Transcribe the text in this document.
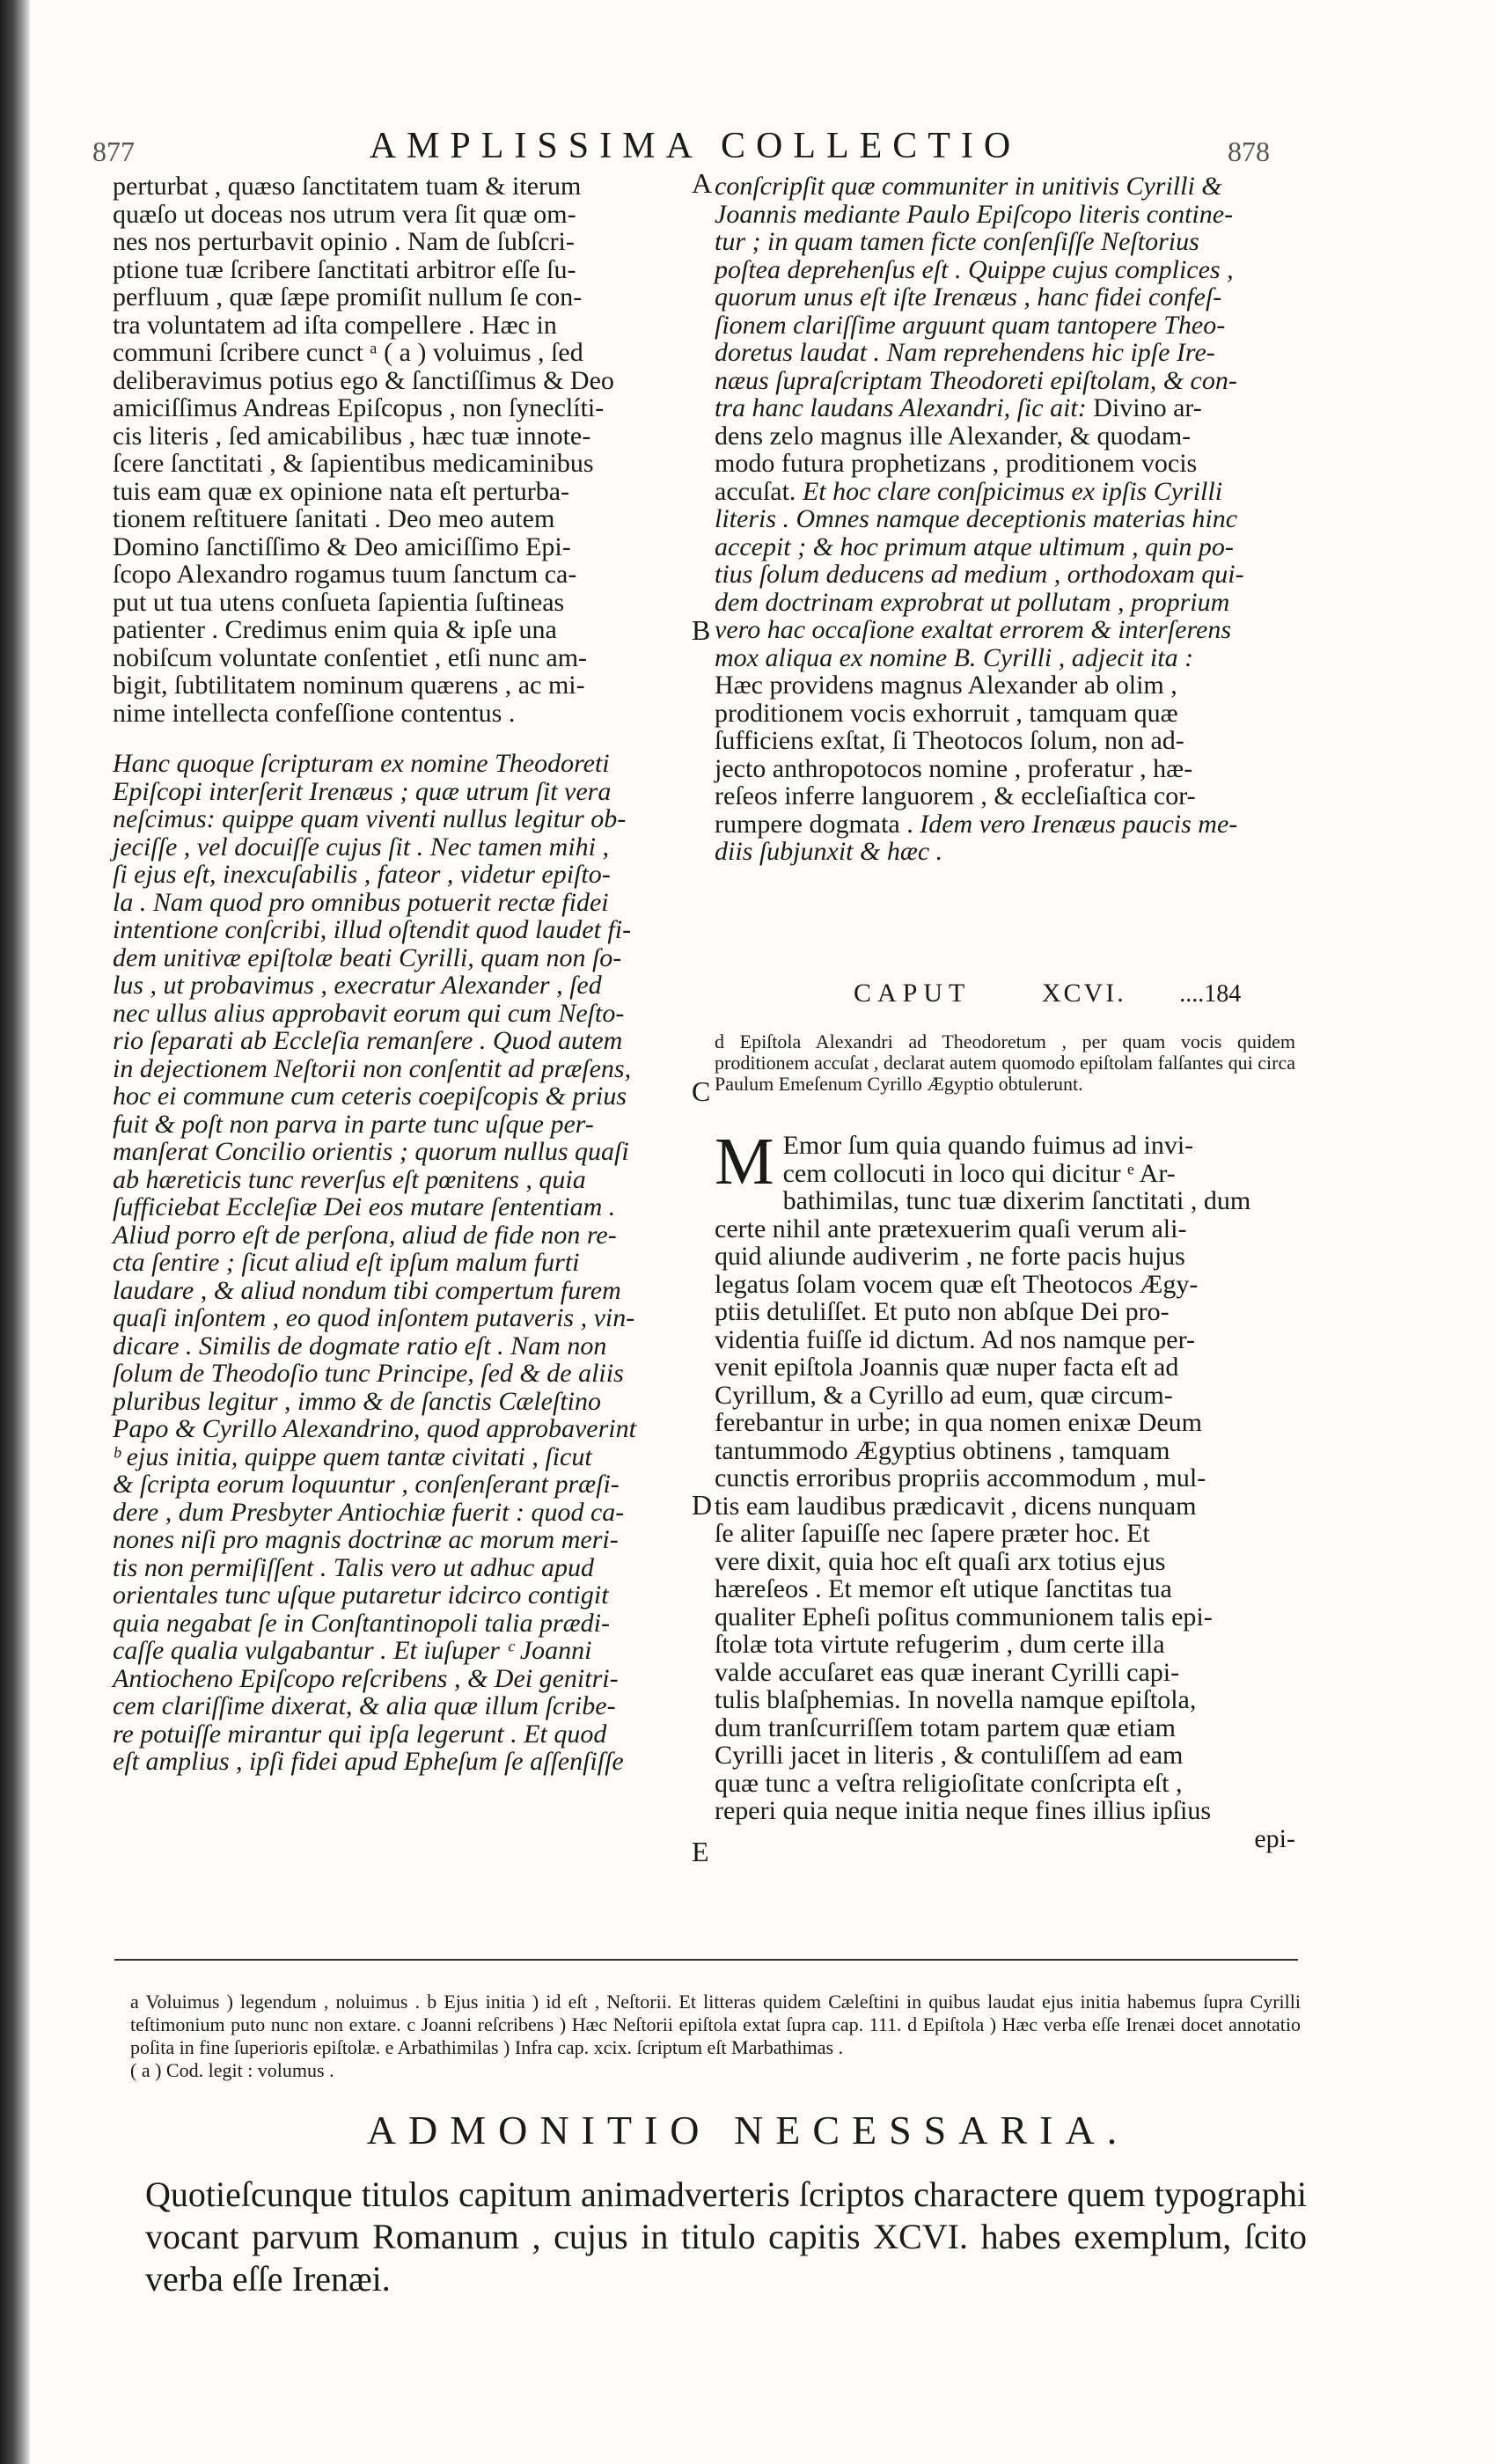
877	AMPLISSIMA COLLECTIO	878
perturbat , quæso ſanctitatem tuam & iterum
quæſo ut doceas nos utrum vera ſit quæ om-
nes nos perturbavit opinio . Nam de ſubſcri-
ptione tuæ ſcribere ſanctitati arbitror eſſe ſu-
perfluum , quæ ſæpe promiſit nullum ſe con-
tra voluntatem ad iſta compellere . Hæc in
communi ſcribere cunct ᵃ ( a ) voluimus , ſed
deliberavimus potius ego & ſanctiſſimus & Deo
amiciſſimus Andreas Epiſcopus , non ſyneclíti-
cis literis , ſed amicabilibus , hæc tuæ innote-
ſcere ſanctitati , & ſapientibus medicaminibus
tuis eam quæ ex opinione nata eſt perturba-
tionem reſtituere ſanitati . Deo meo autem
Domino ſanctiſſimo & Deo amiciſſimo Epi-
ſcopo Alexandro rogamus tuum ſanctum ca-
put ut tua utens conſueta ſapientia ſuſtineas
patienter . Credimus enim quia & ipſe una
nobiſcum voluntate conſentiet , etſi nunc am-
bigit, ſubtilitatem nominum quærens , ac mi-
nime intellecta confeſſione contentus .
Hanc quoque ſcripturam ex nomine Theodoreti
Epiſcopi interſerit Irenæus ; quæ utrum ſit vera
neſcimus: quippe quam viventi nullus legitur ob-
jeciſſe , vel docuiſſe cujus ſit . Nec tamen mihi ,
ſi ejus eſt, inexcuſabilis , fateor , videtur epiſto-
la . Nam quod pro omnibus potuerit rectæ fidei
intentione conſcribi, illud oſtendit quod laudet fi-
dem unitivæ epiſtolæ beati Cyrilli, quam non ſo-
lus , ut probavimus , execratur Alexander , ſed
nec ullus alius approbavit eorum qui cum Neſto-
rio ſeparati ab Eccleſia remanſere . Quod autem
in dejectionem Neſtorii non conſentit ad præſens,
hoc ei commune cum ceteris coepiſcopis & prius
fuit & poſt non parva in parte tunc uſque per-
manſerat Concilio orientis ; quorum nullus quaſi
ab hæreticis tunc reverſus eſt pœnitens , quia
ſufficiebat Eccleſiæ Dei eos mutare ſententiam .
Aliud porro eſt de perſona, aliud de fide non re-
cta ſentire ; ſicut aliud eſt ipſum malum furti
laudare , & aliud nondum tibi compertum furem
quaſi inſontem , eo quod inſontem putaveris , vin-
dicare . Similis de dogmate ratio eſt . Nam non
ſolum de Theodoſio tunc Principe, ſed & de aliis
pluribus legitur , immo & de ſanctis Cæleſtino
Papo & Cyrillo Alexandrino, quod approbaverint
ᵇ ejus initia, quippe quem tantæ civitati , ſicut
& ſcripta eorum loquuntur , conſenſerant præſi-
dere , dum Presbyter Antiochiæ fuerit : quod ca-
nones niſi pro magnis doctrinæ ac morum meri-
tis non permiſiſſent . Talis vero ut adhuc apud
orientales tunc uſque putaretur idcirco contigit
quia negabat ſe in Conſtantinopoli talia prædi-
caſſe qualia vulgabantur . Et iuſuper ᶜ Joanni
Antiocheno Epiſcopo reſcribens , & Dei genitri-
cem clariſſime dixerat, & alia quæ illum ſcribe-
re potuiſſe mirantur qui ipſa legerunt . Et quod
eſt amplius , ipſi fidei apud Epheſum ſe aſſenſiſſe
A
B
C
D
E
conſcripſit quæ communiter in unitivis Cyrilli &
Joannis mediante Paulo Epiſcopo literis contine-
tur ; in quam tamen ficte conſenſiſſe Neſtorius
poſtea deprehenſus eſt . Quippe cujus complices ,
quorum unus eſt iſte Irenæus , hanc fidei confeſ-
ſionem clariſſime arguunt quam tantopere Theo-
doretus laudat . Nam reprehendens hic ipſe Ire-
næus ſupraſcriptam Theodoreti epiſtolam, & con-
tra hanc laudans Alexandri, ſic ait: Divino ar-
dens zelo magnus ille Alexander, & quodam-
modo futura prophetizans , proditionem vocis
accuſat. Et hoc clare conſpicimus ex ipſis Cyrilli
literis . Omnes namque deceptionis materias hinc
accepit ; & hoc primum atque ultimum , quin po-
tius ſolum deducens ad medium , orthodoxam qui-
dem doctrinam exprobrat ut pollutam , proprium
vero hac occaſione exaltat errorem & interſerens
mox aliqua ex nomine B. Cyrilli , adjecit ita :
Hæc providens magnus Alexander ab olim ,
proditionem vocis exhorruit , tamquam quæ
ſufficiens exſtat, ſi Theotocos ſolum, non ad-
jecto anthropotocos nomine , proferatur , hæ-
reſeos inferre languorem , & eccleſiaſtica cor-
rumpere dogmata . Idem vero Irenæus paucis me-
diis ſubjunxit & hæc .
CAPUT	XCVI. ....184
d Epiſtola Alexandri ad Theodoretum , per quam vocis quidem proditionem accuſat , declarat autem quomodo epiſtolam falſantes qui circa Paulum Emeſenum Cyrillo Ægyptio obtulerunt.
M Emor ſum quia quando fuimus ad invi-
cem collocuti in loco qui dicitur ᵉ Ar-
bathimilas, tunc tuæ dixerim ſanctitati , dum
certe nihil ante prætexuerim quaſi verum ali-
quid aliunde audiverim , ne forte pacis hujus
legatus ſolam vocem quæ eſt Theotocos Ægy-
ptiis detuliſſet. Et puto non abſque Dei pro-
videntia fuiſſe id dictum. Ad nos namque per-
venit epiſtola Joannis quæ nuper facta eſt ad
Cyrillum, & a Cyrillo ad eum, quæ circum-
ferebantur in urbe; in qua nomen enixæ Deum
tantummodo Ægyptius obtinens , tamquam
cunctis erroribus propriis accommodum , mul-
tis eam laudibus prædicavit , dicens nunquam
ſe aliter ſapuiſſe nec ſapere præter hoc. Et
vere dixit, quia hoc eſt quaſi arx totius ejus
hæreſeos . Et memor eſt utique ſanctitas tua
qualiter Epheſi poſitus communionem talis epi-
ſtolæ tota virtute refugerim , dum certe illa
valde accuſaret eas quæ inerant Cyrilli capi-
tulis blaſphemias. In novella namque epiſtola,
dum tranſcurriſſem totam partem quæ etiam
Cyrilli jacet in literis , & contuliſſem ad eam
quæ tunc a veſtra religioſitate conſcripta eſt ,
reperi quia neque initia neque fines illius ipſius
epi-

a Voluimus ) legendum , noluimus . b Ejus initia ) id eſt , Neſtorii. Et litteras quidem Cæleſtini in quibus laudat ejus initia habemus ſupra Cyrilli teſtimonium puto nunc non extare. c Joanni reſcribens ) Hæc Neſtorii epiſtola extat ſupra cap. 111. d Epiſtola ) Hæc verba eſſe Irenæi docet annotatio poſita in fine ſuperioris epiſtolæ. e Arbathimilas ) Infra cap. xcix. ſcriptum eſt Marbathimas .

( a ) Cod. legit : volumus .

ADMONITIO NECESSARIA.
Quotieſcunque titulos capitum animadverteris ſcriptos charactere quem typographi vocant parvum Romanum , cujus in titulo capitis XCVI. habes exemplum, ſcito verba eſſe Irenæi.
